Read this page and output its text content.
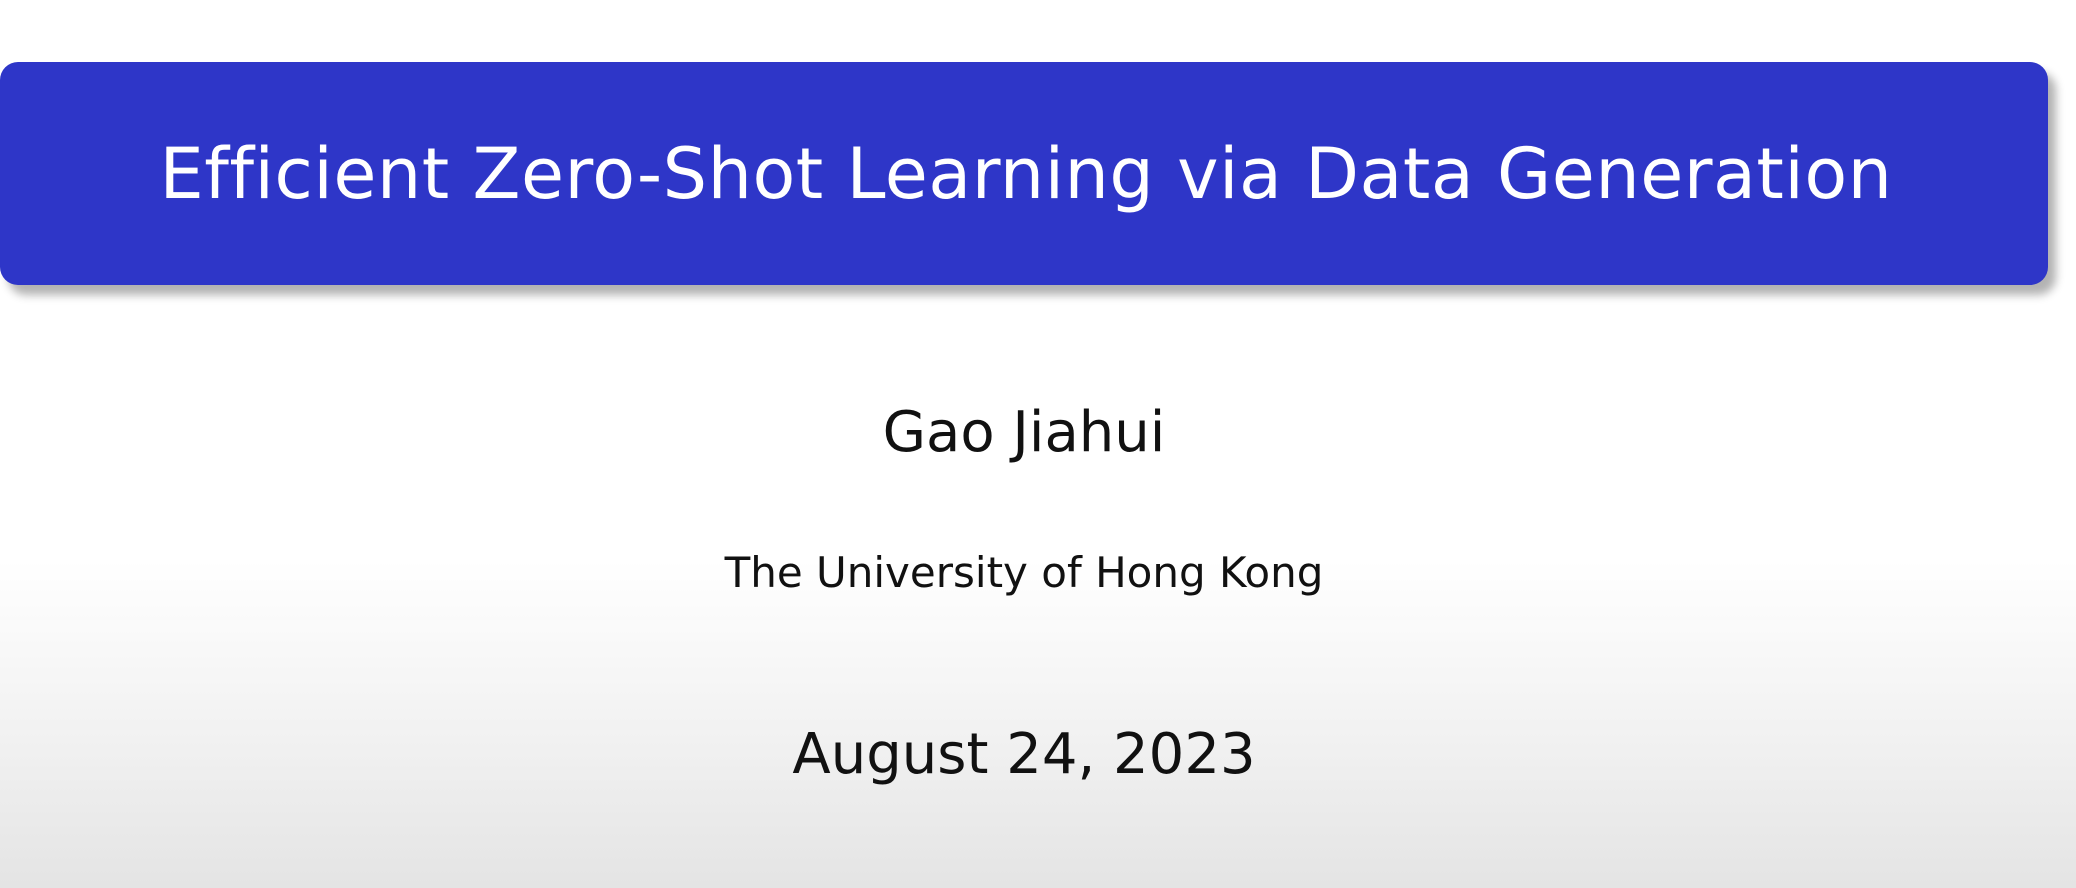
Efficient Zero-Shot Learning via Data Generation
Gao Jiahui
The University of Hong Kong
August 24, 2023
